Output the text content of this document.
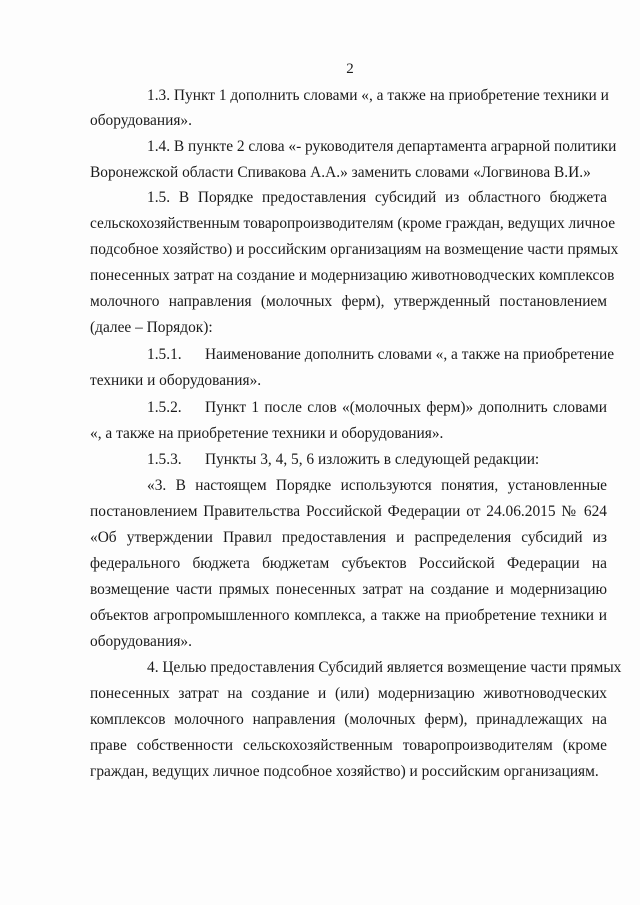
2
1.3. Пункт 1 дополнить словами «, а также на приобретение техники и
оборудования».
1.4. В пункте 2 слова «- руководителя департамента аграрной политики
Воронежской области Спивакова А.А.» заменить словами «Логвинова В.И.»
1.5. В Порядке предоставления субсидий из областного бюджета
сельскохозяйственным товаропроизводителям (кроме граждан, ведущих личное
подсобное хозяйство) и российским организациям на возмещение части прямых
понесенных затрат на создание и модернизацию животноводческих комплексов
молочного направления (молочных ферм), утвержденный постановлением
(далее – Порядок):
1.5.1. Наименование дополнить словами «, а также на приобретение
техники и оборудования».
1.5.2. Пункт 1 после слов «(молочных ферм)» дополнить словами
«, а также на приобретение техники и оборудования».
1.5.3. Пункты 3, 4, 5, 6 изложить в следующей редакции:
«3. В настоящем Порядке используются понятия, установленные
постановлением Правительства Российской Федерации от 24.06.2015 № 624
«Об утверждении Правил предоставления и распределения субсидий из
федерального бюджета бюджетам субъектов Российской Федерации на
возмещение части прямых понесенных затрат на создание и модернизацию
объектов агропромышленного комплекса, а также на приобретение техники и
оборудования».
4. Целью предоставления Субсидий является возмещение части прямых
понесенных затрат на создание и (или) модернизацию животноводческих
комплексов молочного направления (молочных ферм), принадлежащих на
праве собственности сельскохозяйственным товаропроизводителям (кроме
граждан, ведущих личное подсобное хозяйство) и российским организациям.
